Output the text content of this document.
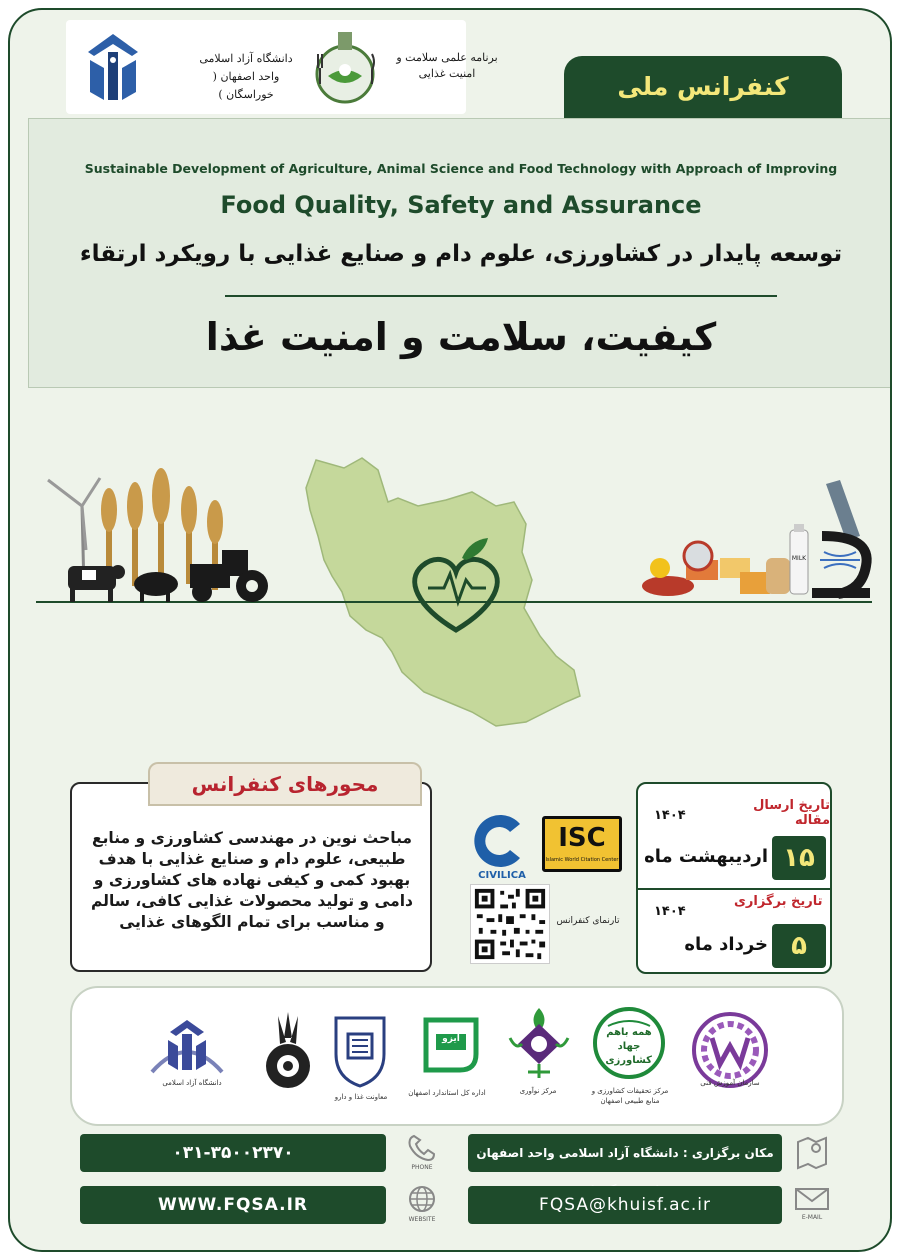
دانشگاه آزاد اسلامی واحد اصفهان ( خوراسگان )
برنامه علمی سلامت و امنیت غذایی	کنفرانس ملی
Sustainable Development of Agriculture, Animal Science and Food Technology with Approach of Improving
Food Quality, Safety and Assurance
توسعه پایدار در کشاورزی، علوم دام و صنایع غذایی با رویکرد ارتقاء
کیفیت، سلامت و امنیت غذا
MILK
محورهای کنفرانس
مباحث نوین در مهندسی کشاورزی و منابع طبیعی، علوم دام و صنایع غذایی با هدف بهبود کمی و کیفی نهاده های کشاورزی و دامی و تولید محصولات غذایی کافی، سالم و مناسب برای تمام الگوهای غذایی
CIVILICA
ISC
Islamic World Citation Center
تارنمای کنفرانس
تاریخ ارسال مقاله
۱۴۰۴
۱۵
اردیبهشت ماه
تاریخ برگزاری
۱۴۰۴
۵
خرداد ماه
دانشگاه آزاد اسلامی
معاونت غذا و دارو
ایزو
اداره کل استاندارد اصفهان	مرکز نوآوری
همه باهم جهاد کشاورزی
مرکز تحقیقات کشاورزی و منابع طبیعی اصفهان
سازمان آموزش فنی
۰۳۱-۳۵۰۰۲۳۷۰
PHONE
مکان برگزاری : دانشگاه آزاد اسلامی واحد اصفهان
WWW.FQSA.IR
WEBSITE
FQSA@khuisf.ac.ir
E-MAIL
